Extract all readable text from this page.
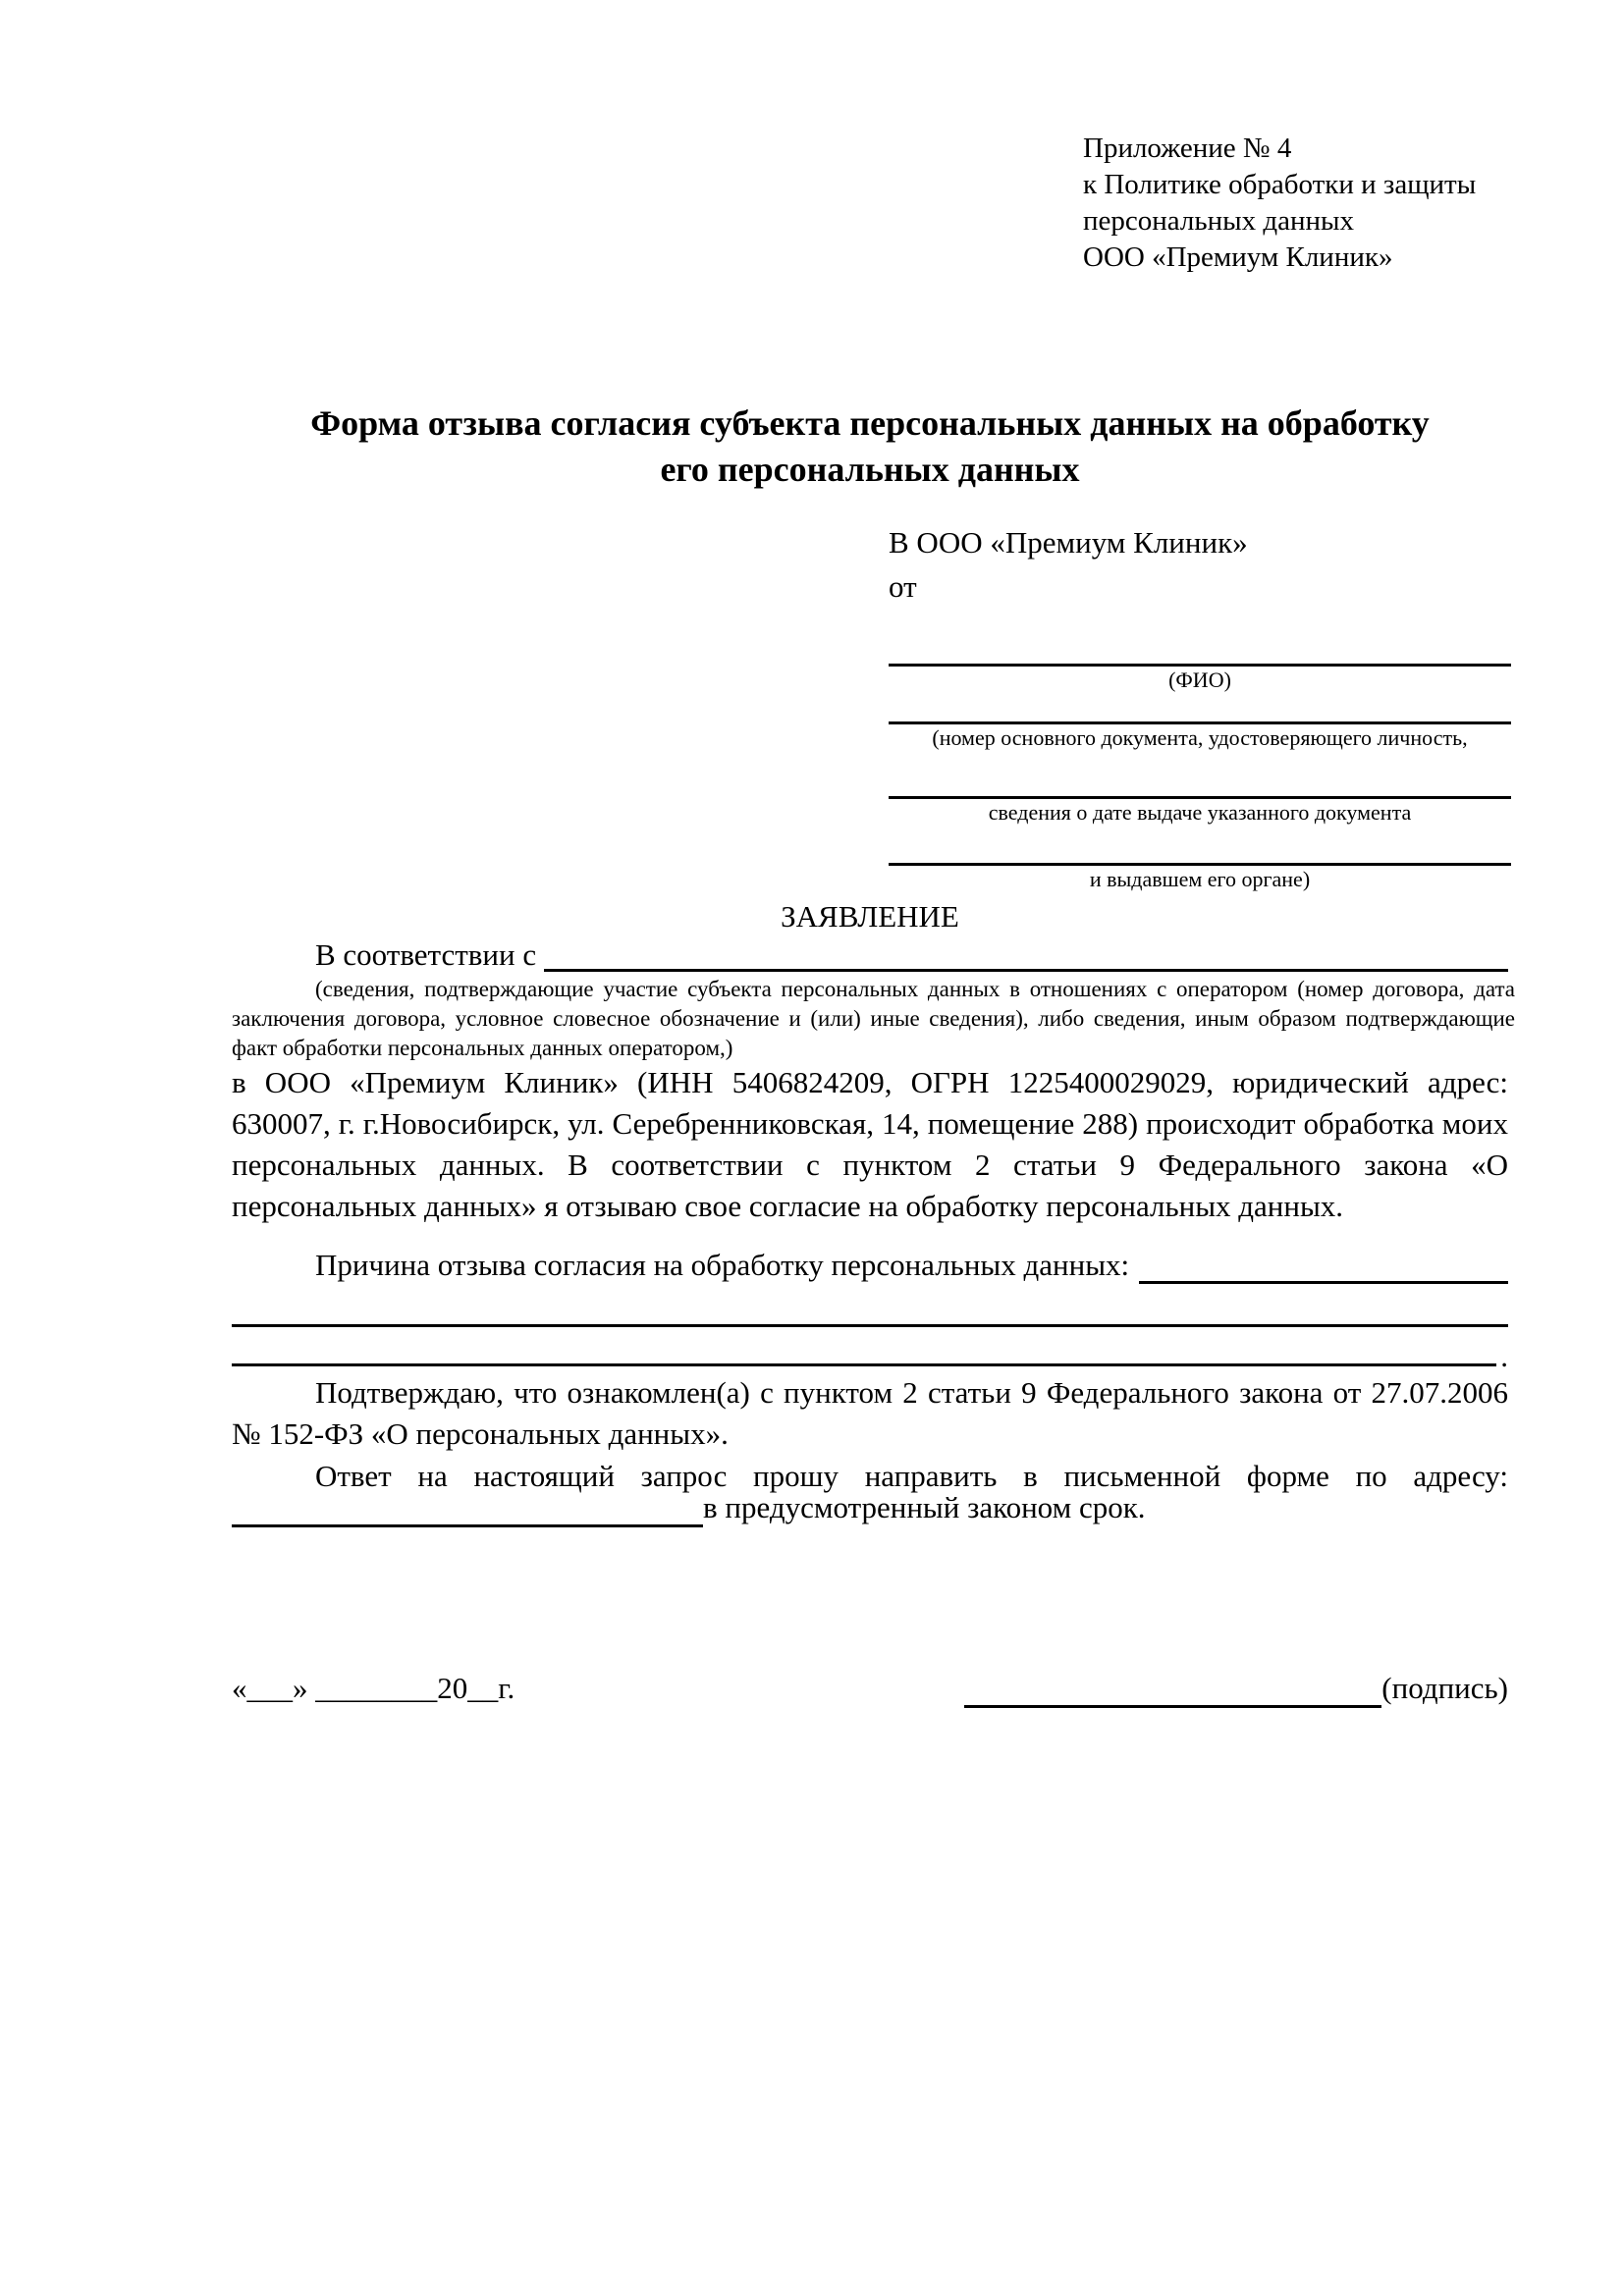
Приложение № 4
к Политике обработки и защиты
персональных данных
ООО «Премиум Клиник»
Форма отзыва согласия субъекта персональных данных на обработку
его персональных данных
В ООО «Премиум Клиник»
от
(ФИО)
(номер основного документа, удостоверяющего личность,
сведения о дате выдаче указанного документа
и выдавшем его органе)
ЗАЯВЛЕНИЕ
В соответствии с
(сведения, подтверждающие участие субъекта персональных данных в отношениях с оператором (номер договора, дата заключения договора, условное словесное обозначение и (или) иные сведения), либо сведения, иным образом подтверждающие факт обработки персональных данных оператором,)
в ООО «Премиум Клиник» (ИНН 5406824209, ОГРН 1225400029029, юридический адрес: 630007, г. г.Новосибирск, ул. Серебренниковская, 14, помещение 288) происходит обработка моих персональных данных. В соответствии с пунктом 2 статьи 9 Федерального закона «О персональных данных» я отзываю свое согласие на обработку персональных данных.
Причина отзыва согласия на обработку персональных данных:
.
Подтверждаю, что ознакомлен(а) с пунктом 2 статьи 9 Федерального закона от 27.07.2006 № 152-ФЗ «О персональных данных».
Ответ на настоящий запрос прошу направить в письменной форме по адресу:
в предусмотренный законом срок.
«___» ________20__г.	(подпись)
